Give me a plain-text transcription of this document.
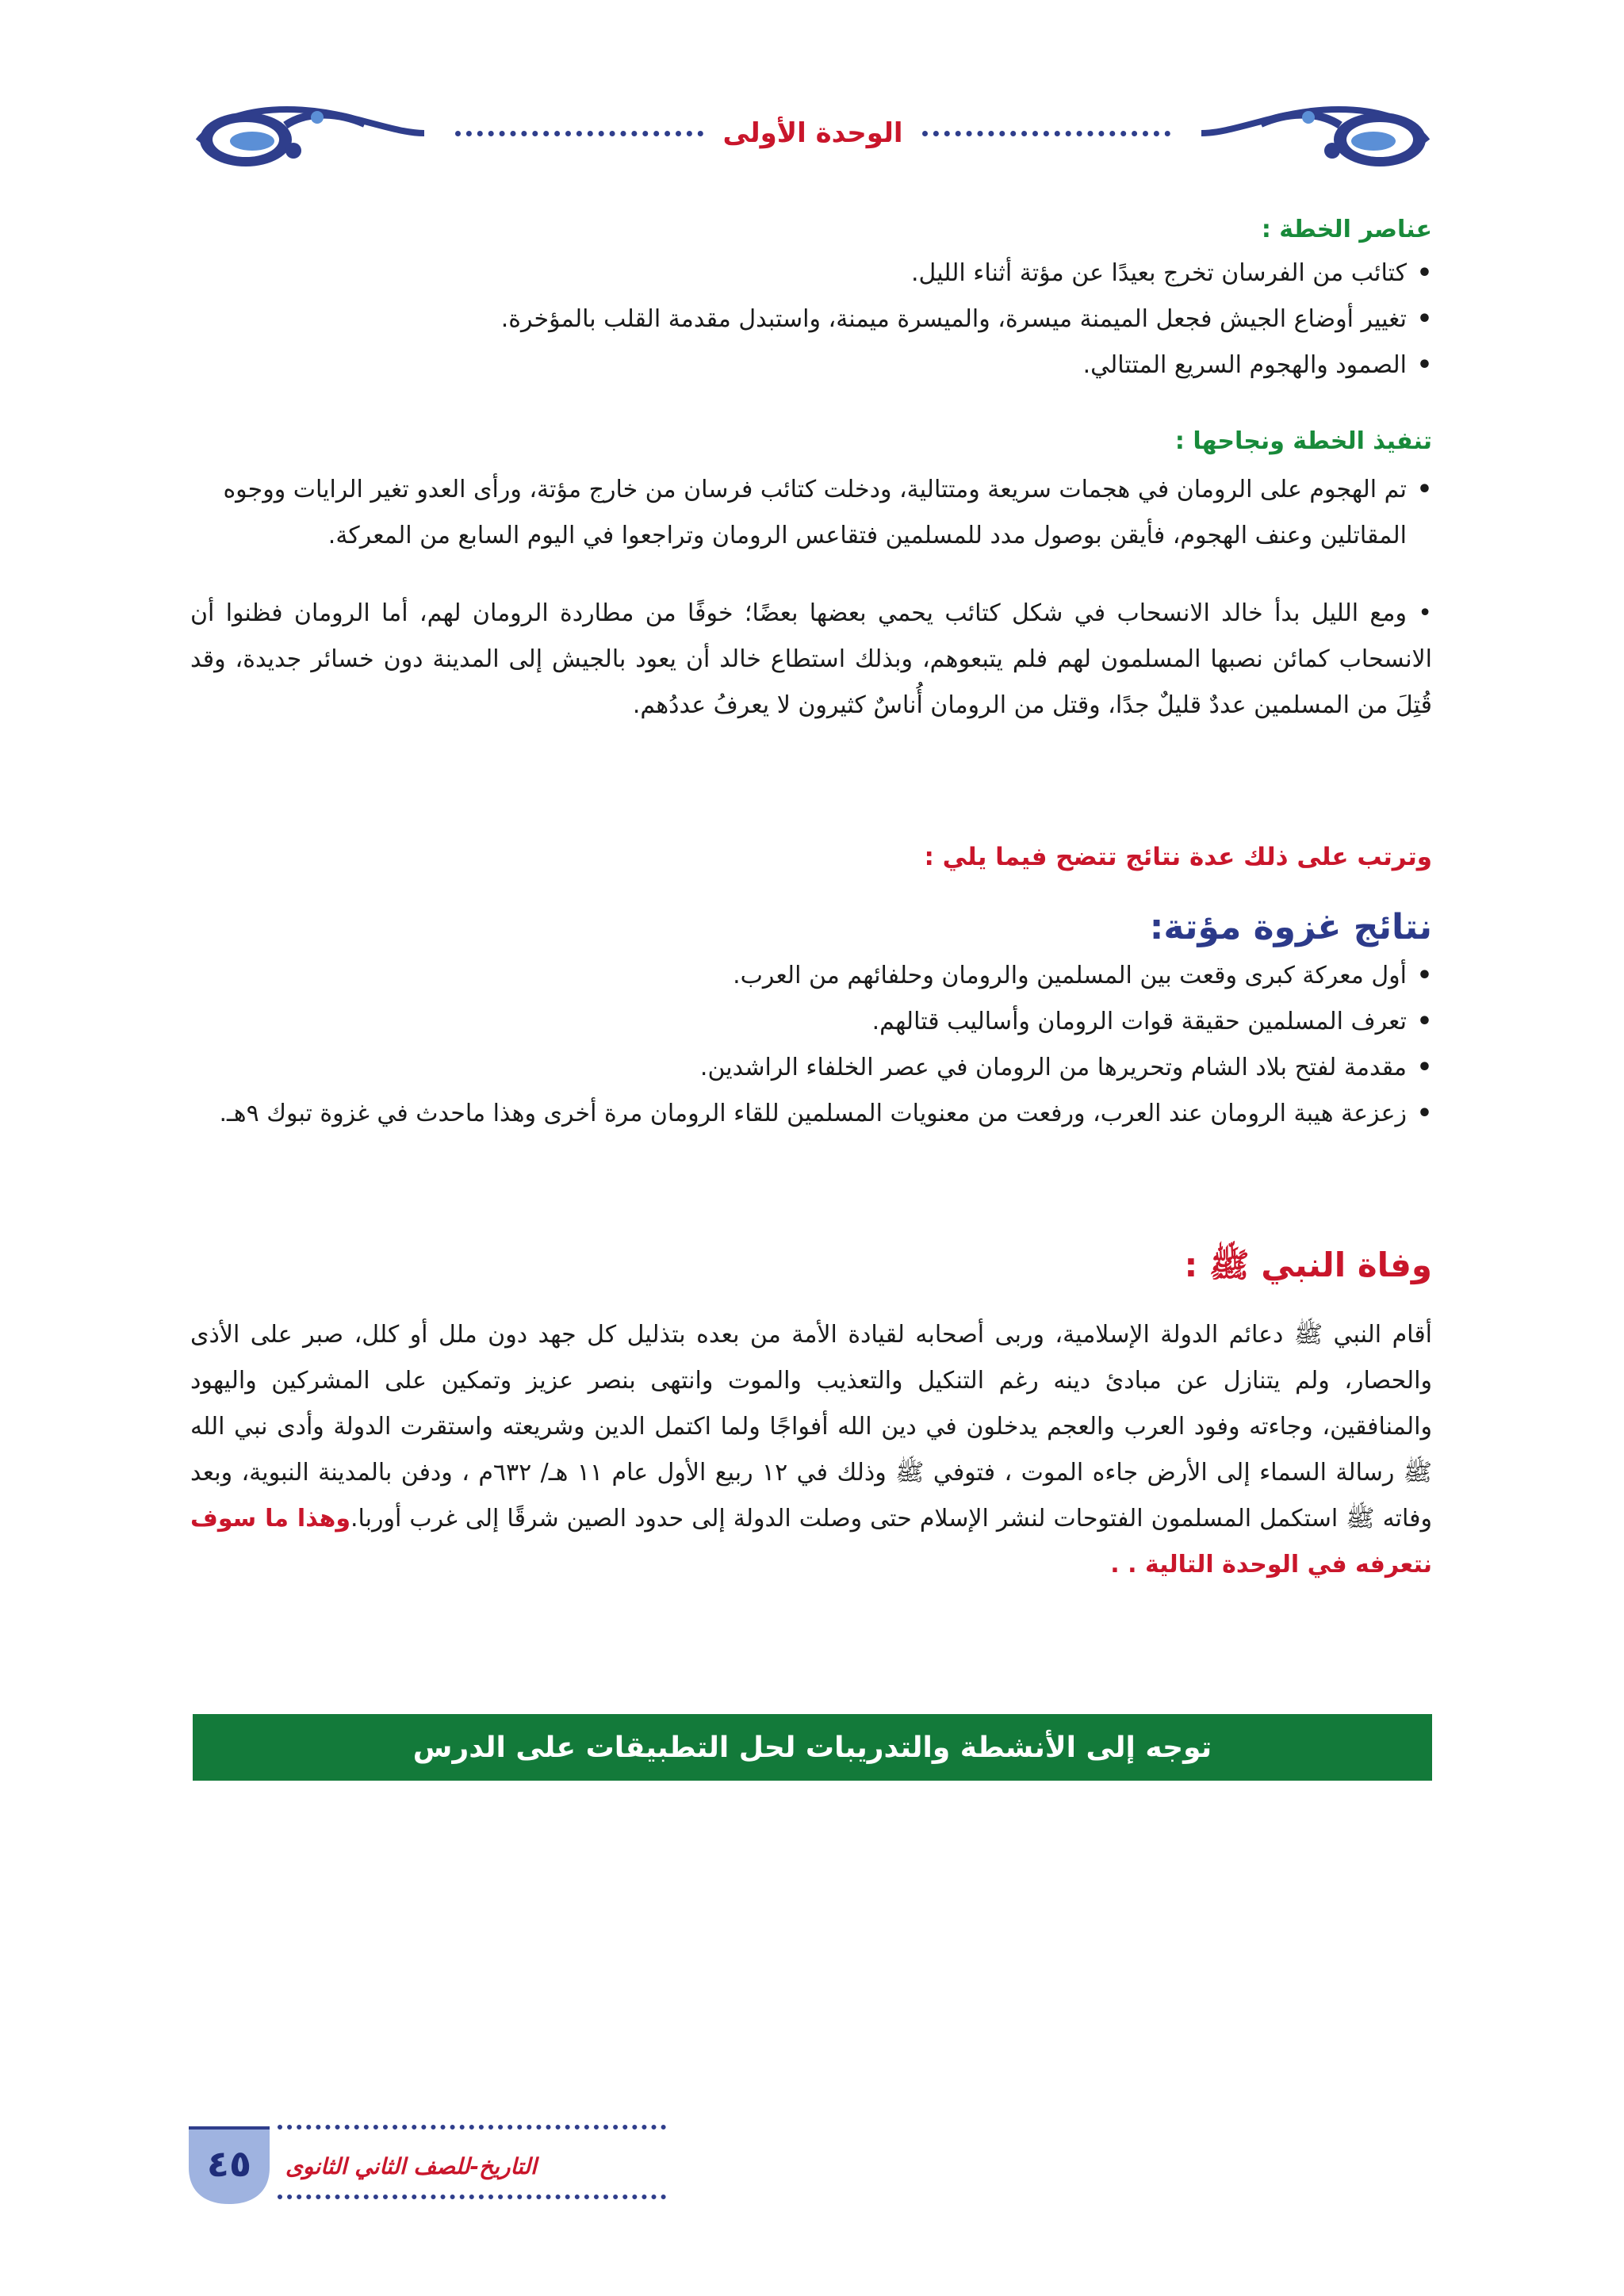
الوحدة الأولى
عناصر الخطة :
•
كتائب من الفرسان تخرج بعيدًا عن مؤتة أثناء الليل.
•
تغيير أوضاع الجيش فجعل الميمنة ميسرة، والميسرة ميمنة، واستبدل مقدمة القلب بالمؤخرة.
•
الصمود والهجوم السريع المتتالي.
تنفيذ الخطة ونجاحها :
•
تم الهجوم على الرومان في هجمات سريعة ومتتالية، ودخلت كتائب فرسان من خارج مؤتة، ورأى العدو تغير الرايات ووجوه المقاتلين وعنف الهجوم، فأيقن بوصول مدد للمسلمين فتقاعس الرومان وتراجعوا في اليوم السابع من المعركة.
• ومع الليل بدأ خالد الانسحاب في شكل كتائب يحمي بعضها بعضًا؛ خوفًا من مطاردة الرومان لهم، أما الرومان فظنوا أن الانسحاب كمائن نصبها المسلمون لهم فلم يتبعوهم، وبذلك استطاع خالد أن يعود بالجيش إلى المدينة دون خسائر جديدة، وقد قُتِلَ من المسلمين عددٌ قليلٌ جدًا، وقتل من الرومان أُناسٌ كثيرون لا يعرفُ عددُهم.
وترتب على ذلك عدة نتائج تتضح فيما يلي :
نتائج غزوة مؤتة:
•
أول معركة كبرى وقعت بين المسلمين والرومان وحلفائهم من العرب.
•
تعرف المسلمين حقيقة قوات الرومان وأساليب قتالهم.
•
مقدمة لفتح بلاد الشام وتحريرها من الرومان في عصر الخلفاء الراشدين.
•
زعزعة هيبة الرومان عند العرب، ورفعت من معنويات المسلمين للقاء الرومان مرة أخرى وهذا ماحدث في غزوة تبوك ٩هـ.
وفاة النبي ﷺ :
أقام النبي ﷺ دعائم الدولة الإسلامية، وربى أصحابه لقيادة الأمة من بعده بتذليل كل جهد دون ملل أو كلل، صبر على الأذى والحصار، ولم يتنازل عن مبادئ دينه رغم التنكيل والتعذيب والموت وانتهى بنصر عزيز وتمكين على المشركين واليهود والمنافقين، وجاءته وفود العرب والعجم يدخلون في دين الله أفواجًا ولما اكتمل الدين وشريعته واستقرت الدولة وأدى نبي الله ﷺ رسالة السماء إلى الأرض جاءه الموت ، فتوفي ﷺ وذلك في ١٢ ربيع الأول عام ١١ هـ/ ٦٣٢م ، ودفن بالمدينة النبوية، وبعد وفاته ﷺ استكمل المسلمون الفتوحات لنشر الإسلام حتى وصلت الدولة إلى حدود الصين شرقًا إلى غرب أوربا.وهذا ما سوف نتعرفه في الوحدة التالية . .
توجه إلى الأنشطة والتدريبات لحل التطبيقات على الدرس
٤٥	التاريخ-للصف الثاني الثانوى
